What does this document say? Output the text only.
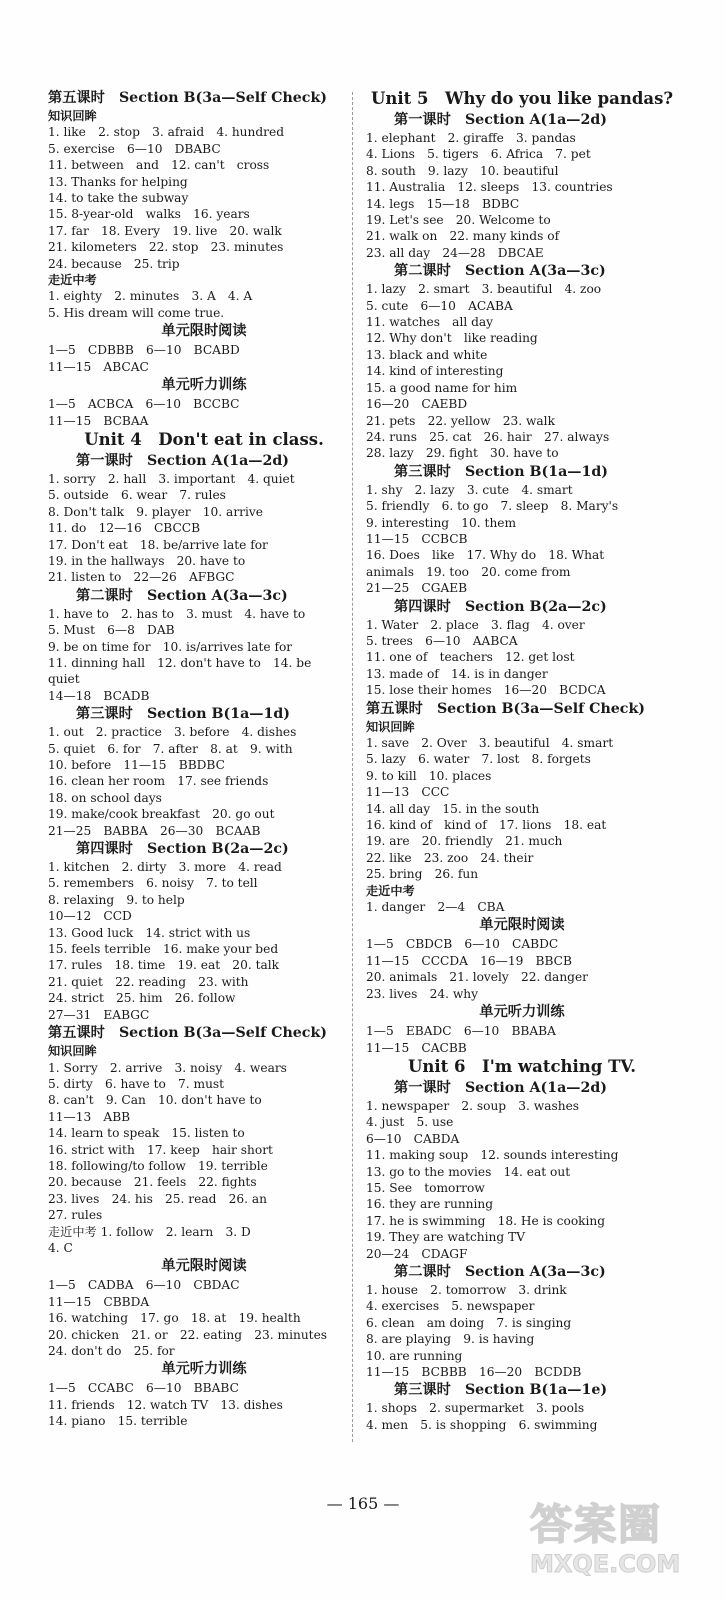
第五课时　Section B(3a—Self Check)
知识回眸
1. like　2. stop　3. afraid　4. hundred
5. exercise　6—10　DBABC
11. between　and　12. can't　cross
13. Thanks for helping
14. to take the subway
15. 8-year-old　walks　16. years
17. far　18. Every　19. live　20. walk
21. kilometers　22. stop　23. minutes
24. because　25. trip
走近中考
1. eighty　2. minutes　3. A　4. A
5. His dream will come true.
单元限时阅读
1—5　CDBBB　6—10　BCABD
11—15　ABCAC
单元听力训练
1—5　ACBCA　6—10　BCCBC
11—15　BCBAA
Unit 4　Don't eat in class.
第一课时　Section A(1a—2d)
1. sorry　2. hall　3. important　4. quiet
5. outside　6. wear　7. rules
8. Don't talk　9. player　10. arrive
11. do　12—16　CBCCB
17. Don't eat　18. be/arrive late for
19. in the hallways　20. have to
21. listen to　22—26　AFBGC
第二课时　Section A(3a—3c)
1. have to　2. has to　3. must　4. have to
5. Must　6—8　DAB
9. be on time for　10. is/arrives late for
11. dinning hall　12. don't have to　14. be
quiet
14—18　BCADB
第三课时　Section B(1a—1d)
1. out　2. practice　3. before　4. dishes
5. quiet　6. for　7. after　8. at　9. with
10. before　11—15　BBDBC
16. clean her room　17. see friends
18. on school days
19. make/cook breakfast　20. go out
21—25　BABBA　26—30　BCAAB
第四课时　Section B(2a—2c)
1. kitchen　2. dirty　3. more　4. read
5. remembers　6. noisy　7. to tell
8. relaxing　9. to help
10—12　CCD
13. Good luck　14. strict with us
15. feels terrible　16. make your bed
17. rules　18. time　19. eat　20. talk
21. quiet　22. reading　23. with
24. strict　25. him　26. follow
27—31　EABGC
第五课时　Section B(3a—Self Check)
知识回眸
1. Sorry　2. arrive　3. noisy　4. wears
5. dirty　6. have to　7. must
8. can't　9. Can　10. don't have to
11—13　ABB
14. learn to speak　15. listen to
16. strict with　17. keep　hair short
18. following/to follow　19. terrible
20. because　21. feels　22. fights
23. lives　24. his　25. read　26. an
27. rules
走近中考 1. follow　2. learn　3. D
4. C
单元限时阅读
1—5　CADBA　6—10　CBDAC
11—15　CBBDA
16. watching　17. go　18. at　19. health
20. chicken　21. or　22. eating　23. minutes
24. don't do　25. for
单元听力训练
1—5　CCABC　6—10　BBABC
11. friends　12. watch TV　13. dishes
14. piano　15. terrible
Unit 5　Why do you like pandas?
第一课时　Section A(1a—2d)
1. elephant　2. giraffe　3. pandas
4. Lions　5. tigers　6. Africa　7. pet
8. south　9. lazy　10. beautiful
11. Australia　12. sleeps　13. countries
14. legs　15—18　BDBC
19. Let's see　20. Welcome to
21. walk on　22. many kinds of
23. all day　24—28　DBCAE
第二课时　Section A(3a—3c)
1. lazy　2. smart　3. beautiful　4. zoo
5. cute　6—10　ACABA
11. watches　all day
12. Why don't　like reading
13. black and white
14. kind of interesting
15. a good name for him
16—20　CAEBD
21. pets　22. yellow　23. walk
24. runs　25. cat　26. hair　27. always
28. lazy　29. fight　30. have to
第三课时　Section B(1a—1d)
1. shy　2. lazy　3. cute　4. smart
5. friendly　6. to go　7. sleep　8. Mary's
9. interesting　10. them
11—15　CCBCB
16. Does　like　17. Why do　18. What
animals　19. too　20. come from
21—25　CGAEB
第四课时　Section B(2a—2c)
1. Water　2. place　3. flag　4. over
5. trees　6—10　AABCA
11. one of　teachers　12. get lost
13. made of　14. is in danger
15. lose their homes　16—20　BCDCA
第五课时　Section B(3a—Self Check)
知识回眸
1. save　2. Over　3. beautiful　4. smart
5. lazy　6. water　7. lost　8. forgets
9. to kill　10. places
11—13　CCC
14. all day　15. in the south
16. kind of　kind of　17. lions　18. eat
19. are　20. friendly　21. much
22. like　23. zoo　24. their
25. bring　26. fun
走近中考
1. danger　2—4　CBA
单元限时阅读
1—5　CBDCB　6—10　CABDC
11—15　CCCDA　16—19　BBCB
20. animals　21. lovely　22. danger
23. lives　24. why
单元听力训练
1—5　EBADC　6—10　BBABA
11—15　CACBB
Unit 6　I'm watching TV.
第一课时　Section A(1a—2d)
1. newspaper　2. soup　3. washes
4. just　5. use
6—10　CABDA
11. making soup　12. sounds interesting
13. go to the movies　14. eat out
15. See　tomorrow
16. they are running
17. he is swimming　18. He is cooking
19. They are watching TV
20—24　CDAGF
第二课时　Section A(3a—3c)
1. house　2. tomorrow　3. drink
4. exercises　5. newspaper
6. clean　am doing　7. is singing
8. are playing　9. is having
10. are running
11—15　BCBBB　16—20　BCDDB
第三课时　Section B(1a—1e)
1. shops　2. supermarket　3. pools
4. men　5. is shopping　6. swimming
— 165 —	答案圈
MXQE.COM
